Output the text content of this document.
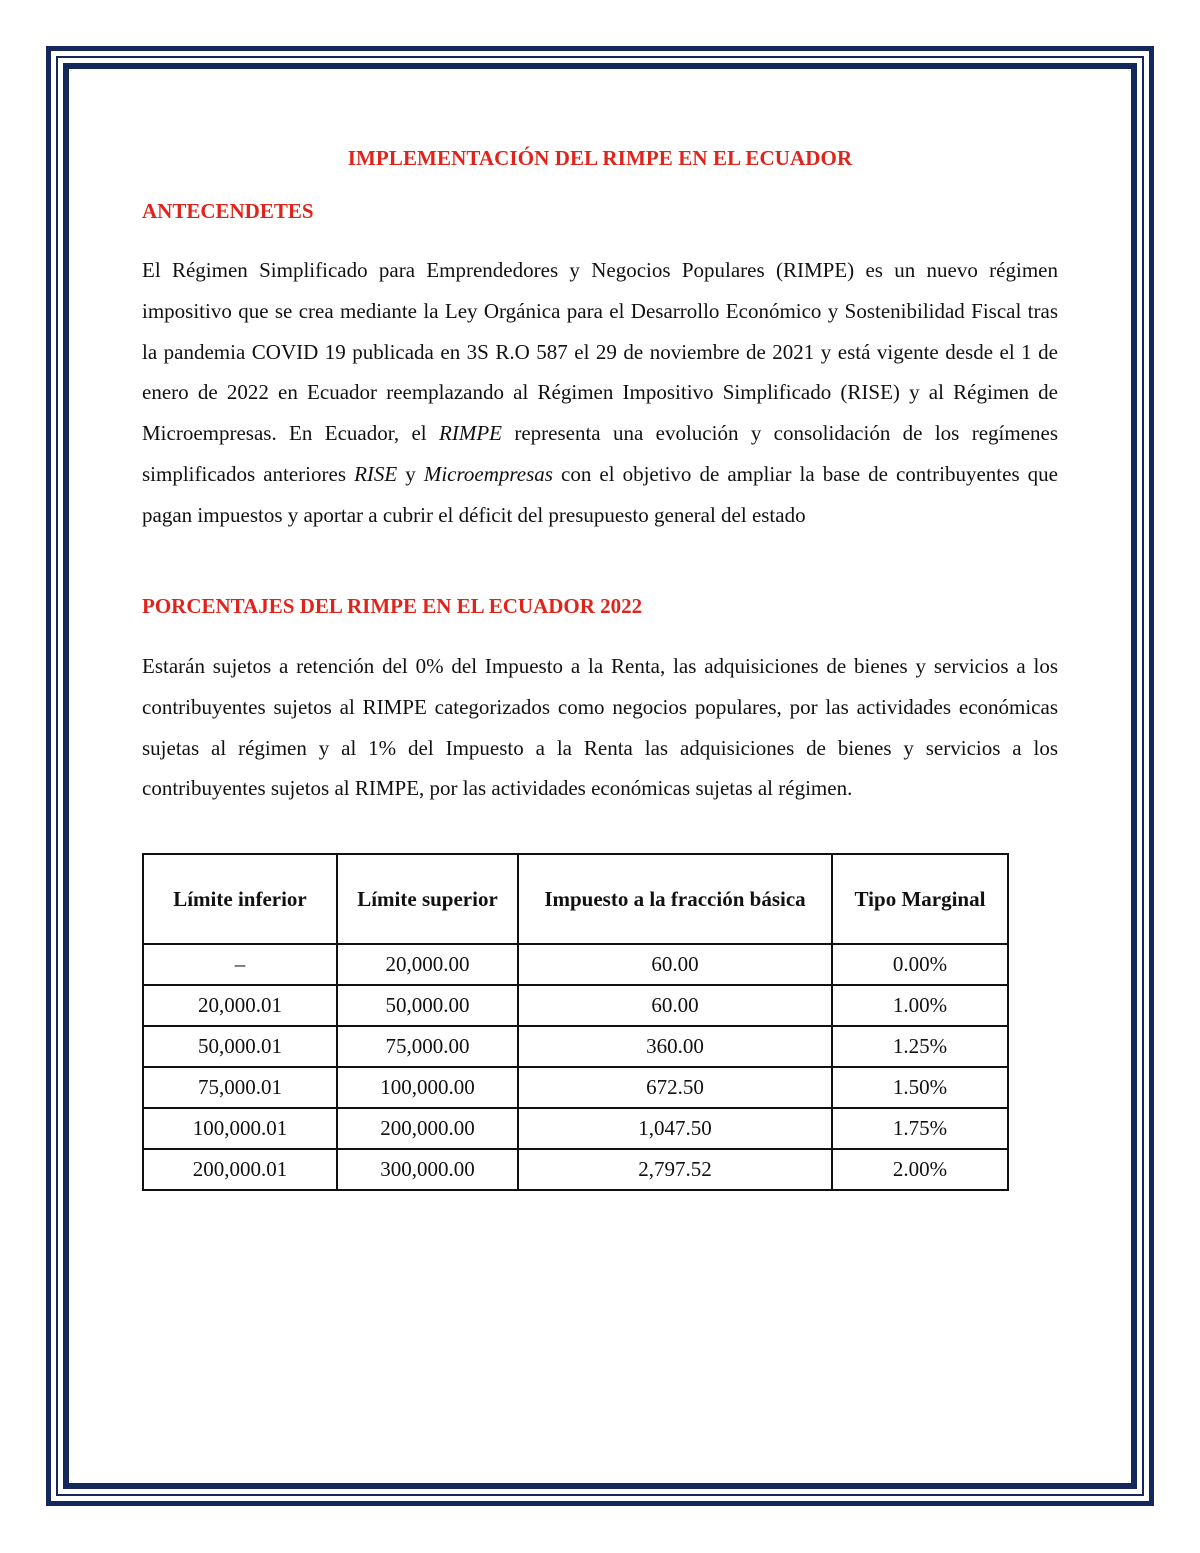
IMPLEMENTACIÓN DEL RIMPE EN EL ECUADOR
ANTECENDETES

El Régimen Simplificado para Emprendedores y Negocios Populares (RIMPE) es un nuevo régimen impositivo que se crea mediante la Ley Orgánica para el Desarrollo Económico y Sostenibilidad Fiscal tras la pandemia COVID 19 publicada en 3S R.O 587 el 29 de noviembre de 2021 y está vigente desde el 1 de enero de 2022 en Ecuador reemplazando al Régimen Impositivo Simplificado (RISE) y al Régimen de Microempresas. En Ecuador, el RIMPE representa una evolución y consolidación de los regímenes simplificados anteriores RISE y Microempresas con el objetivo de ampliar la base de contribuyentes que pagan impuestos y aportar a cubrir el déficit del presupuesto general del estado

PORCENTAJES DEL RIMPE EN EL ECUADOR 2022

Estarán sujetos a retención del 0% del Impuesto a la Renta, las adquisiciones de bienes y servicios a los contribuyentes sujetos al RIMPE categorizados como negocios populares, por las actividades económicas sujetas al régimen y al 1% del Impuesto a la Renta las adquisiciones de bienes y servicios a los contribuyentes sujetos al RIMPE, por las actividades económicas sujetas al régimen.

Límite inferior	Límite superior	Impuesto a la fracción básica	Tipo Marginal
–	20,000.00	60.00	0.00%
20,000.01	50,000.00	60.00	1.00%
50,000.01	75,000.00	360.00	1.25%
75,000.01	100,000.00	672.50	1.50%
100,000.01	200,000.00	1,047.50	1.75%
200,000.01	300,000.00	2,797.52	2.00%
